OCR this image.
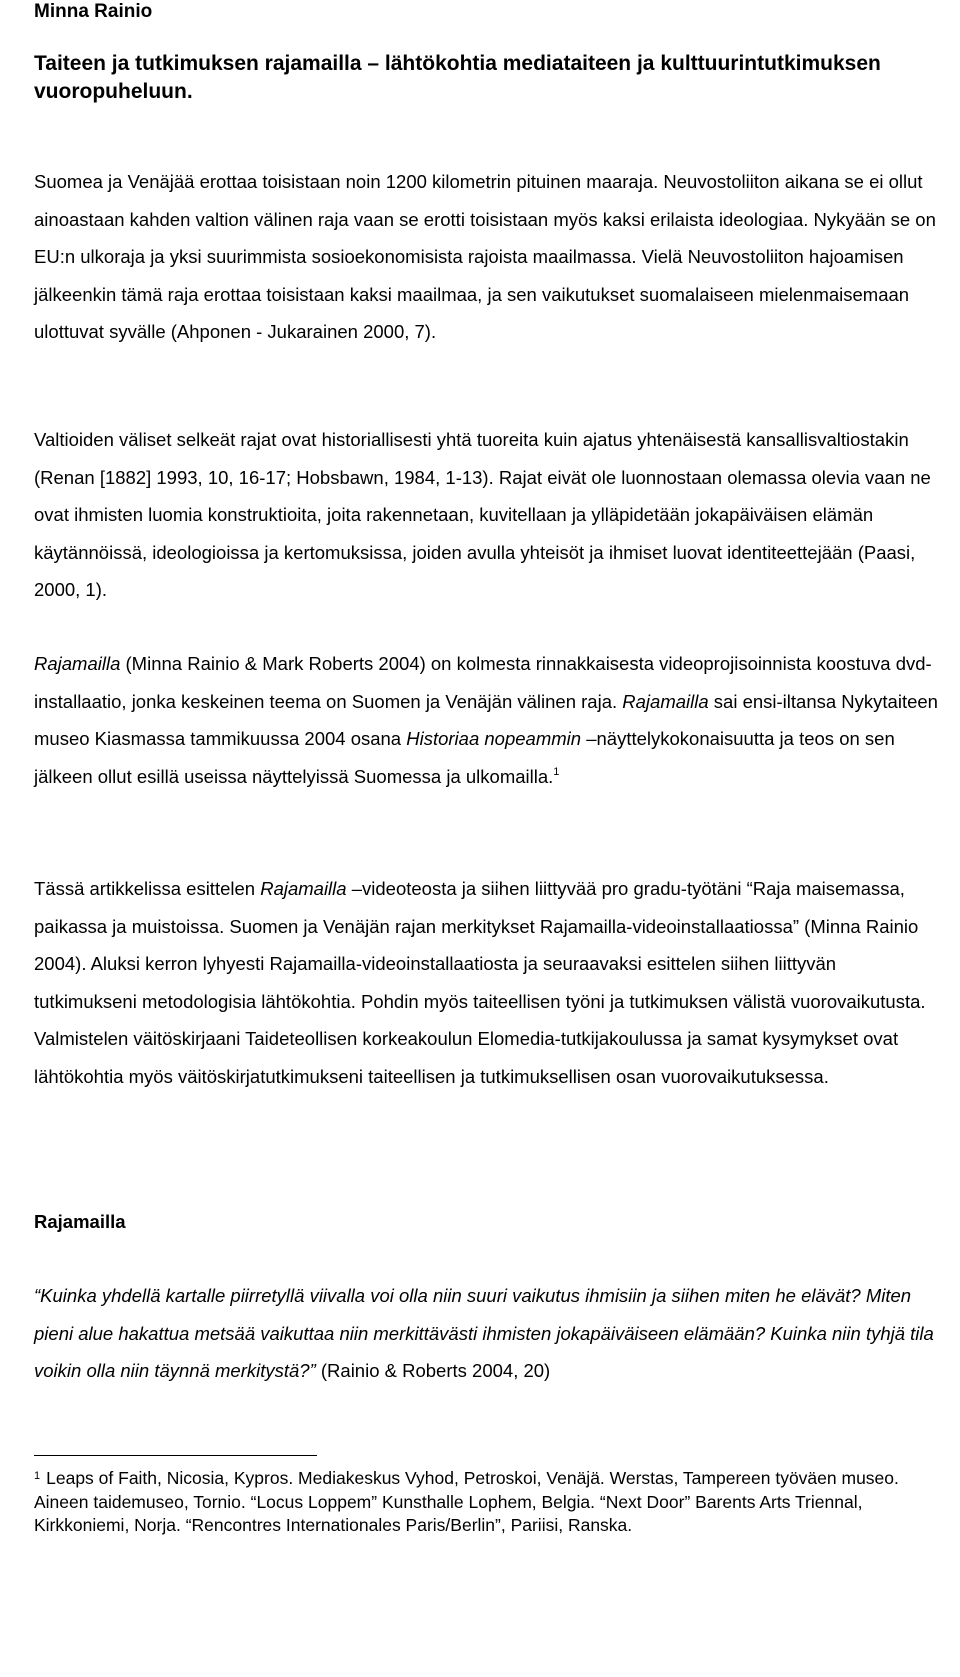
Minna Rainio
Taiteen ja tutkimuksen rajamailla – lähtökohtia mediataiteen ja kulttuurintutkimuksen vuoropuheluun.

Suomea ja Venäjää erottaa toisistaan noin 1200 kilometrin pituinen maaraja. Neuvostoliiton aikana se ei ollut ainoastaan kahden valtion välinen raja vaan se erotti toisistaan myös kaksi erilaista ideologiaa. Nykyään se on EU:n ulkoraja ja yksi suurimmista sosioekonomisista rajoista maailmassa. Vielä Neuvostoliiton hajoamisen jälkeenkin tämä raja erottaa toisistaan kaksi maailmaa, ja sen vaikutukset suomalaiseen mielenmaisemaan ulottuvat syvälle (Ahponen - Jukarainen 2000, 7).

Valtioiden väliset selkeät rajat ovat historiallisesti yhtä tuoreita kuin ajatus yhtenäisestä kansallisvaltiostakin (Renan [1882] 1993, 10, 16-17; Hobsbawn, 1984, 1-13). Rajat eivät ole luonnostaan olemassa olevia vaan ne ovat ihmisten luomia konstruktioita, joita rakennetaan, kuvitellaan ja ylläpidetään jokapäiväisen elämän käytännöissä, ideologioissa ja kertomuksissa, joiden avulla yhteisöt ja ihmiset luovat identiteettejään (Paasi, 2000, 1).

Rajamailla (Minna Rainio & Mark Roberts 2004) on kolmesta rinnakkaisesta videoprojisoinnista koostuva dvd-installaatio, jonka keskeinen teema on Suomen ja Venäjän välinen raja. Rajamailla sai ensi-iltansa Nykytaiteen museo Kiasmassa tammikuussa 2004 osana Historiaa nopeammin –näyttelykokonaisuutta ja teos on sen jälkeen ollut esillä useissa näyttelyissä Suomessa ja ulkomailla.$^1$

Tässä artikkelissa esittelen Rajamailla –videoteosta ja siihen liittyvää pro gradu-työtäni “Raja maisemassa, paikassa ja muistoissa. Suomen ja Venäjän rajan merkitykset Rajamailla-videoinstallaatiossa” (Minna Rainio 2004). Aluksi kerron lyhyesti Rajamailla-videoinstallaatiosta ja seuraavaksi esittelen siihen liittyvän tutkimukseni metodologisia lähtökohtia. Pohdin myös taiteellisen työni ja tutkimuksen välistä vuorovaikutusta. Valmistelen väitöskirjaani Taideteollisen korkeakoulun Elomedia-tutkijakoulussa ja samat kysymykset ovat lähtökohtia myös väitöskirjatutkimukseni taiteellisen ja tutkimuksellisen osan vuorovaikutuksessa.

Rajamailla

“Kuinka yhdellä kartalle piirretyllä viivalla voi olla niin suuri vaikutus ihmisiin ja siihen miten he elävät? Miten pieni alue hakattua metsää vaikuttaa niin merkittävästi ihmisten jokapäiväiseen elämään? Kuinka niin tyhjä tila voikin olla niin täynnä merkitystä?” (Rainio & Roberts 2004, 20)

$^1$ Leaps of Faith, Nicosia, Kypros. Mediakeskus Vyhod, Petroskoi, Venäjä. Werstas, Tampereen työväen museo. Aineen taidemuseo, Tornio. “Locus Loppem” Kunsthalle Lophem, Belgia. “Next Door” Barents Arts Triennal, Kirkkoniemi, Norja. “Rencontres Internationales Paris/Berlin”, Pariisi, Ranska.
